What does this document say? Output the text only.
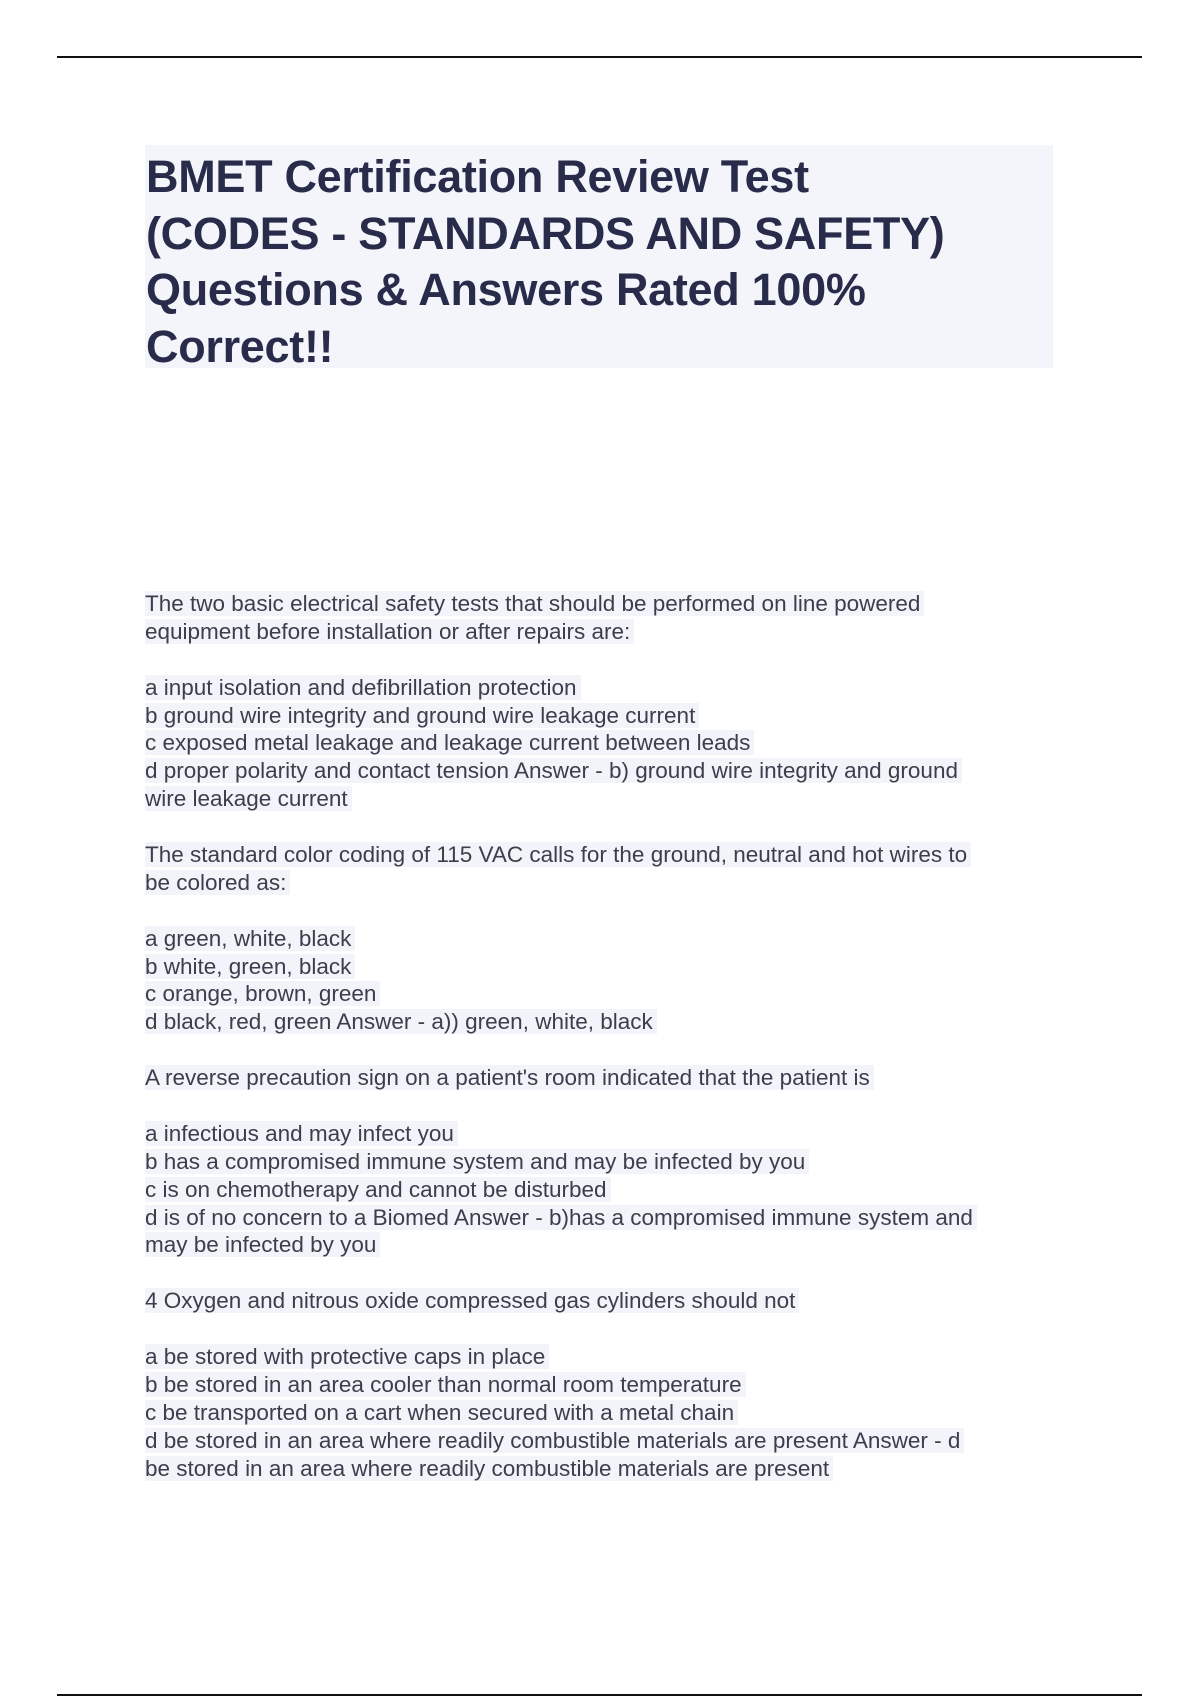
BMET Certification Review Test
(CODES - STANDARDS AND SAFETY)
Questions & Answers Rated 100%
Correct!!
The two basic electrical safety tests that should be performed on line powered
equipment before installation or after repairs are:
a input isolation and defibrillation protection
b ground wire integrity and ground wire leakage current
c exposed metal leakage and leakage current between leads
d proper polarity and contact tension Answer - b) ground wire integrity and ground
wire leakage current
The standard color coding of 115 VAC calls for the ground, neutral and hot wires to
be colored as:
a green, white, black
b white, green, black
c orange, brown, green
d black, red, green Answer - a)) green, white, black
A reverse precaution sign on a patient's room indicated that the patient is
a infectious and may infect you
b has a compromised immune system and may be infected by you
c is on chemotherapy and cannot be disturbed
d is of no concern to a Biomed Answer - b)has a compromised immune system and
may be infected by you
4 Oxygen and nitrous oxide compressed gas cylinders should not
a be stored with protective caps in place
b be stored in an area cooler than normal room temperature
c be transported on a cart when secured with a metal chain
d be stored in an area where readily combustible materials are present Answer - d
be stored in an area where readily combustible materials are present
